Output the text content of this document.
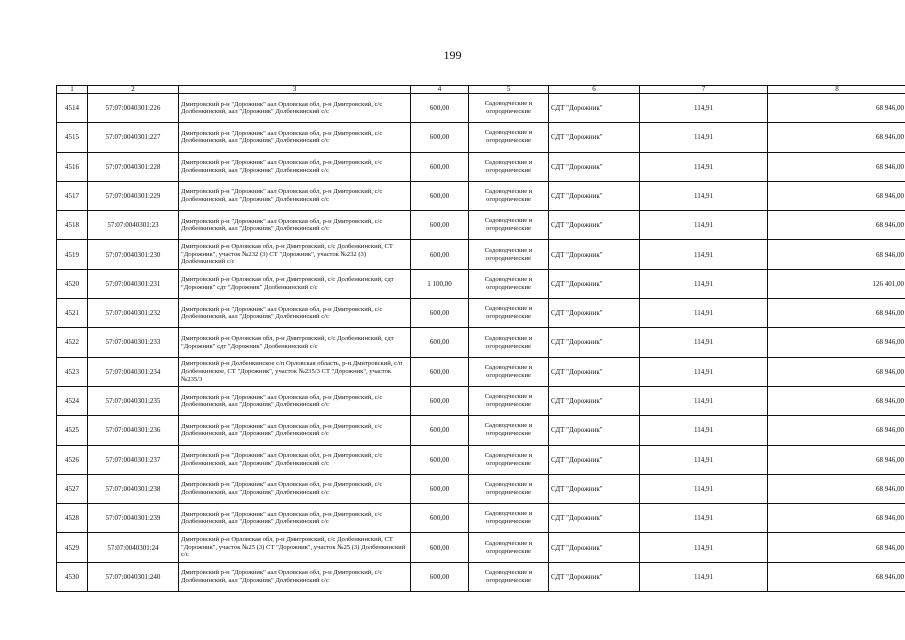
199
1	2	3	4	5	6	7	8
4514	57:07:0040301:226	Дмитровский р-н "Дорожник" аал Орловская обл, р-н Дмитровский, с/с Долбенкинский, аал "Дорожник" Долбенкинский с/с	600,00	Садоводческие и огороднические	СДТ "Дорожник"	114,91	68 946,00
4515	57:07:0040301:227	Дмитровский р-н "Дорожник" аал Орловская обл, р-н Дмитровский, с/с Долбенкинский, аал "Дорожник" Долбенкинский с/с	600,00	Садоводческие и огороднические	СДТ "Дорожник"	114,91	68 946,00
4516	57:07:0040301:228	Дмитровский р-н "Дорожник" аал Орловская обл, р-н Дмитровский, с/с Долбенкинский, аал "Дорожник" Долбенкинский с/с	600,00	Садоводческие и огороднические	СДТ "Дорожник"	114,91	68 946,00
4517	57:07:0040301:229	Дмитровский р-н "Дорожник" аал Орловская обл, р-н Дмитровский, с/с Долбенкинский, аал "Дорожник" Долбенкинский с/с	600,00	Садоводческие и огороднические	СДТ "Дорожник"	114,91	68 946,00
4518	57:07:0040301:23	Дмитровский р-н "Дорожник" аал Орловская обл, р-н Дмитровский, с/с Долбенкинский, аал "Дорожник" Долбенкинский с/с	600,00	Садоводческие и огороднические	СДТ "Дорожник"	114,91	68 946,00
4519	57:07:0040301:230	Дмитровский р-н Орловская обл, р-н Дмитровский, с/с Долбенкинский, СТ "Дорожник", участок №232 (3) СТ "Дорожник", участок №232 (3) Долбенкинский с/с	600,00	Садоводческие и огороднические	СДТ "Дорожник"	114,91	68 946,00
4520	57:07:0040301:231	Дмитровский р-н Орловская обл, р-н Дмитровский, с/с Долбенкинский, сдт "Дорожник" сдт "Дорожник" Долбенкинский с/с	1 100,00	Садоводческие и огороднические	СДТ "Дорожник"	114,91	126 401,00
4521	57:07:0040301:232	Дмитровский р-н "Дорожник" аал Орловская обл, р-н Дмитровский, с/с Долбенкинский, аал "Дорожник" Долбенкинский с/с	600,00	Садоводческие и огороднические	СДТ "Дорожник"	114,91	68 946,00
4522	57:07:0040301:233	Дмитровский р-н Орловская обл, р-н Дмитровский, с/с Долбенкинский, сдт "Дорожник" сдт "Дорожник" Долбенкинский с/с	600,00	Садоводческие и огороднические	СДТ "Дорожник"	114,91	68 946,00
4523	57:07:0040301:234	Дмитровский р-н Долбенкинское с/п Орловская область, р-н Дмитровский, с/п Долбенкинское, СТ "Дорожник", участок №235/3 СТ "Дорожник", участок №235/3	600,00	Садоводческие и огороднические	СДТ "Дорожник"	114,91	68 946,00
4524	57:07:0040301:235	Дмитровский р-н "Дорожник" аал Орловская обл, р-н Дмитровский, с/с Долбенкинский, аал "Дорожник" Долбенкинский с/с	600,00	Садоводческие и огороднические	СДТ "Дорожник"	114,91	68 946,00
4525	57:07:0040301:236	Дмитровский р-н "Дорожник" аал Орловская обл, р-н Дмитровский, с/с Долбенкинский, аал "Дорожник" Долбенкинский с/с	600,00	Садоводческие и огороднические	СДТ "Дорожник"	114,91	68 946,00
4526	57:07:0040301:237	Дмитровский р-н "Дорожник" аал Орловская обл, р-н Дмитровский, с/с Долбенкинский, аал "Дорожник" Долбенкинский с/с	600,00	Садоводческие и огороднические	СДТ "Дорожник"	114,91	68 946,00
4527	57:07:0040301:238	Дмитровский р-н "Дорожник" аал Орловская обл, р-н Дмитровский, с/с Долбенкинский, аал "Дорожник" Долбенкинский с/с	600,00	Садоводческие и огороднические	СДТ "Дорожник"	114,91	68 946,00
4528	57:07:0040301:239	Дмитровский р-н "Дорожник" аал Орловская обл, р-н Дмитровский, с/с Долбенкинский, аал "Дорожник" Долбенкинский с/с	600,00	Садоводческие и огороднические	СДТ "Дорожник"	114,91	68 946,00
4529	57:07:0040301:24	Дмитровский р-н Орловская обл, р-н Дмитровский, с/с Долбенкинский, СТ "Дорожник", участок №25 (3) СТ "Дорожник", участок №25 (3) Долбенкинский с/с	600,00	Садоводческие и огороднические	СДТ "Дорожник"	114,91	68 946,00
4530	57:07:0040301:240	Дмитровский р-н "Дорожник" аал Орловская обл, р-н Дмитровский, с/с Долбенкинский, аал "Дорожник" Долбенкинский с/с	600,00	Садоводческие и огороднические	СДТ "Дорожник"	114,91	68 946,00
